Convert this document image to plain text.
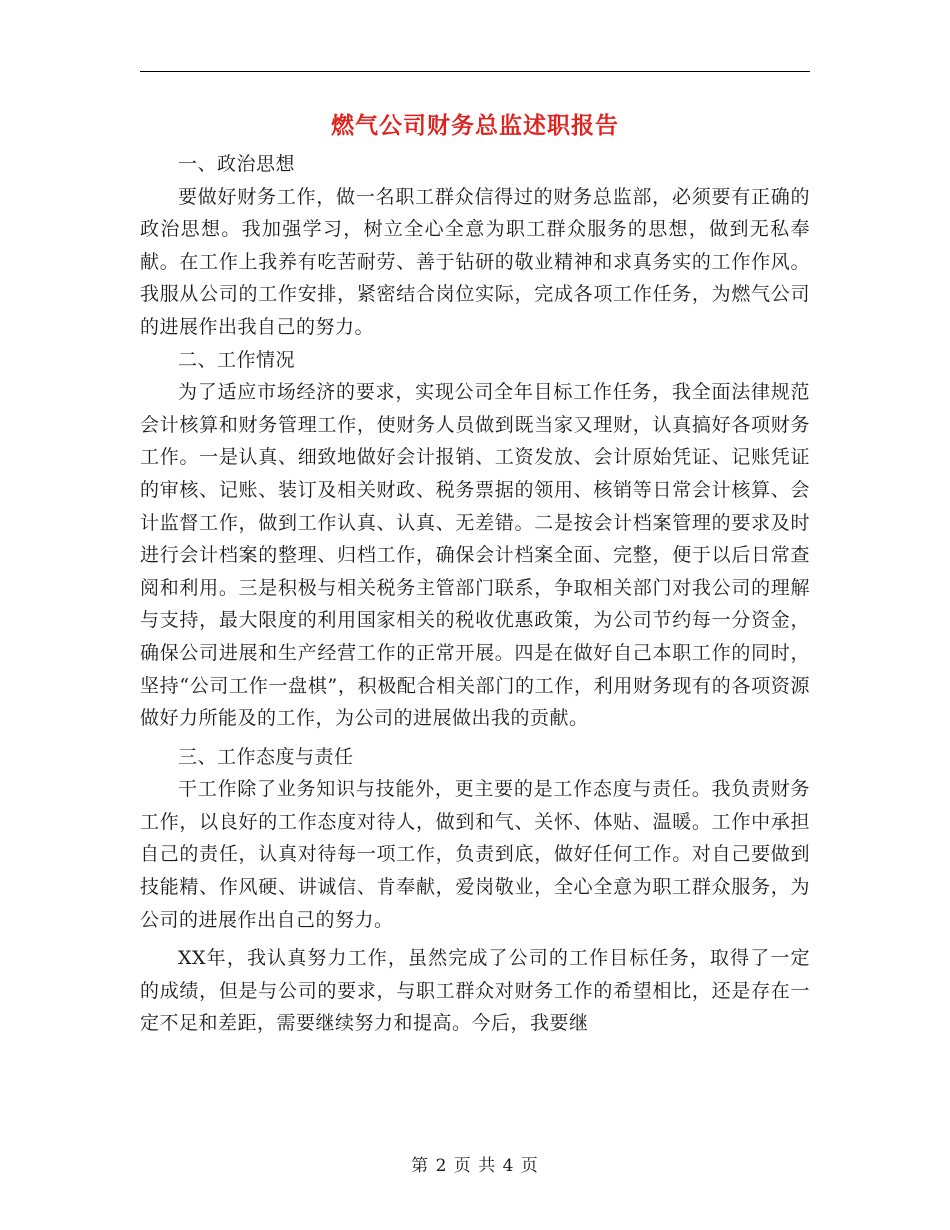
燃气公司财务总监述职报告

一、政治思想

要做好财务工作，做一名职工群众信得过的财务总监部，必须要有正确的政治思想。我加强学习，树立全心全意为职工群众服务的思想，做到无私奉献。在工作上我养有吃苦耐劳、善于钻研的敬业精神和求真务实的工作作风。我服从公司的工作安排，紧密结合岗位实际，完成各项工作任务，为燃气公司的进展作出我自己的努力。

二、工作情况

为了适应市场经济的要求，实现公司全年目标工作任务，我全面法律规范会计核算和财务管理工作，使财务人员做到既当家又理财，认真搞好各项财务工作。一是认真、细致地做好会计报销、工资发放、会计原始凭证、记账凭证的审核、记账、装订及相关财政、税务票据的领用、核销等日常会计核算、会计监督工作，做到工作认真、认真、无差错。二是按会计档案管理的要求及时进行会计档案的整理、归档工作，确保会计档案全面、完整，便于以后日常查阅和利用。三是积极与相关税务主管部门联系，争取相关部门对我公司的理解与支持，最大限度的利用国家相关的税收优惠政策，为公司节约每一分资金，确保公司进展和生产经营工作的正常开展。四是在做好自己本职工作的同时，坚持“公司工作一盘棋”，积极配合相关部门的工作，利用财务现有的各项资源做好力所能及的工作，为公司的进展做出我的贡献。

三、工作态度与责任

干工作除了业务知识与技能外，更主要的是工作态度与责任。我负责财务工作，以良好的工作态度对待人，做到和气、关怀、体贴、温暖。工作中承担自己的责任，认真对待每一项工作，负责到底，做好任何工作。对自己要做到技能精、作风硬、讲诚信、肯奉献，爱岗敬业，全心全意为职工群众服务，为公司的进展作出自己的努力。

XX年，我认真努力工作，虽然完成了公司的工作目标任务，取得了一定的成绩，但是与公司的要求，与职工群众对财务工作的希望相比，还是存在一定不足和差距，需要继续努力和提高。今后，我要继

第 2 页 共 4 页
